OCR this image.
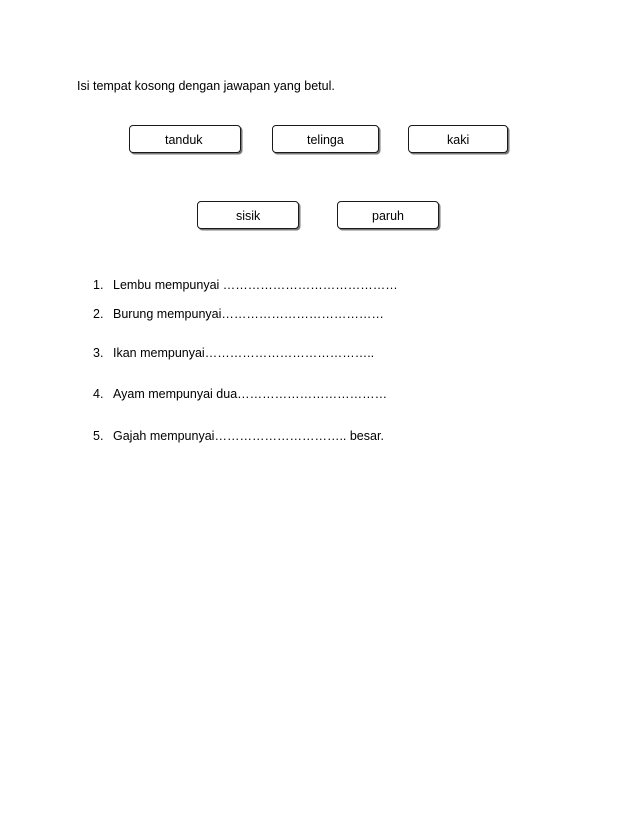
Isi tempat kosong dengan jawapan yang betul.
tanduk	telinga	kaki
sisik	paruh
1. Lembu mempunyai ……………………………………
2. Burung mempunyai…………………………………
3. Ikan mempunyai…………………………………..
4. Ayam mempunyai dua………………………………
5. Gajah mempunyai………………………….. besar.
